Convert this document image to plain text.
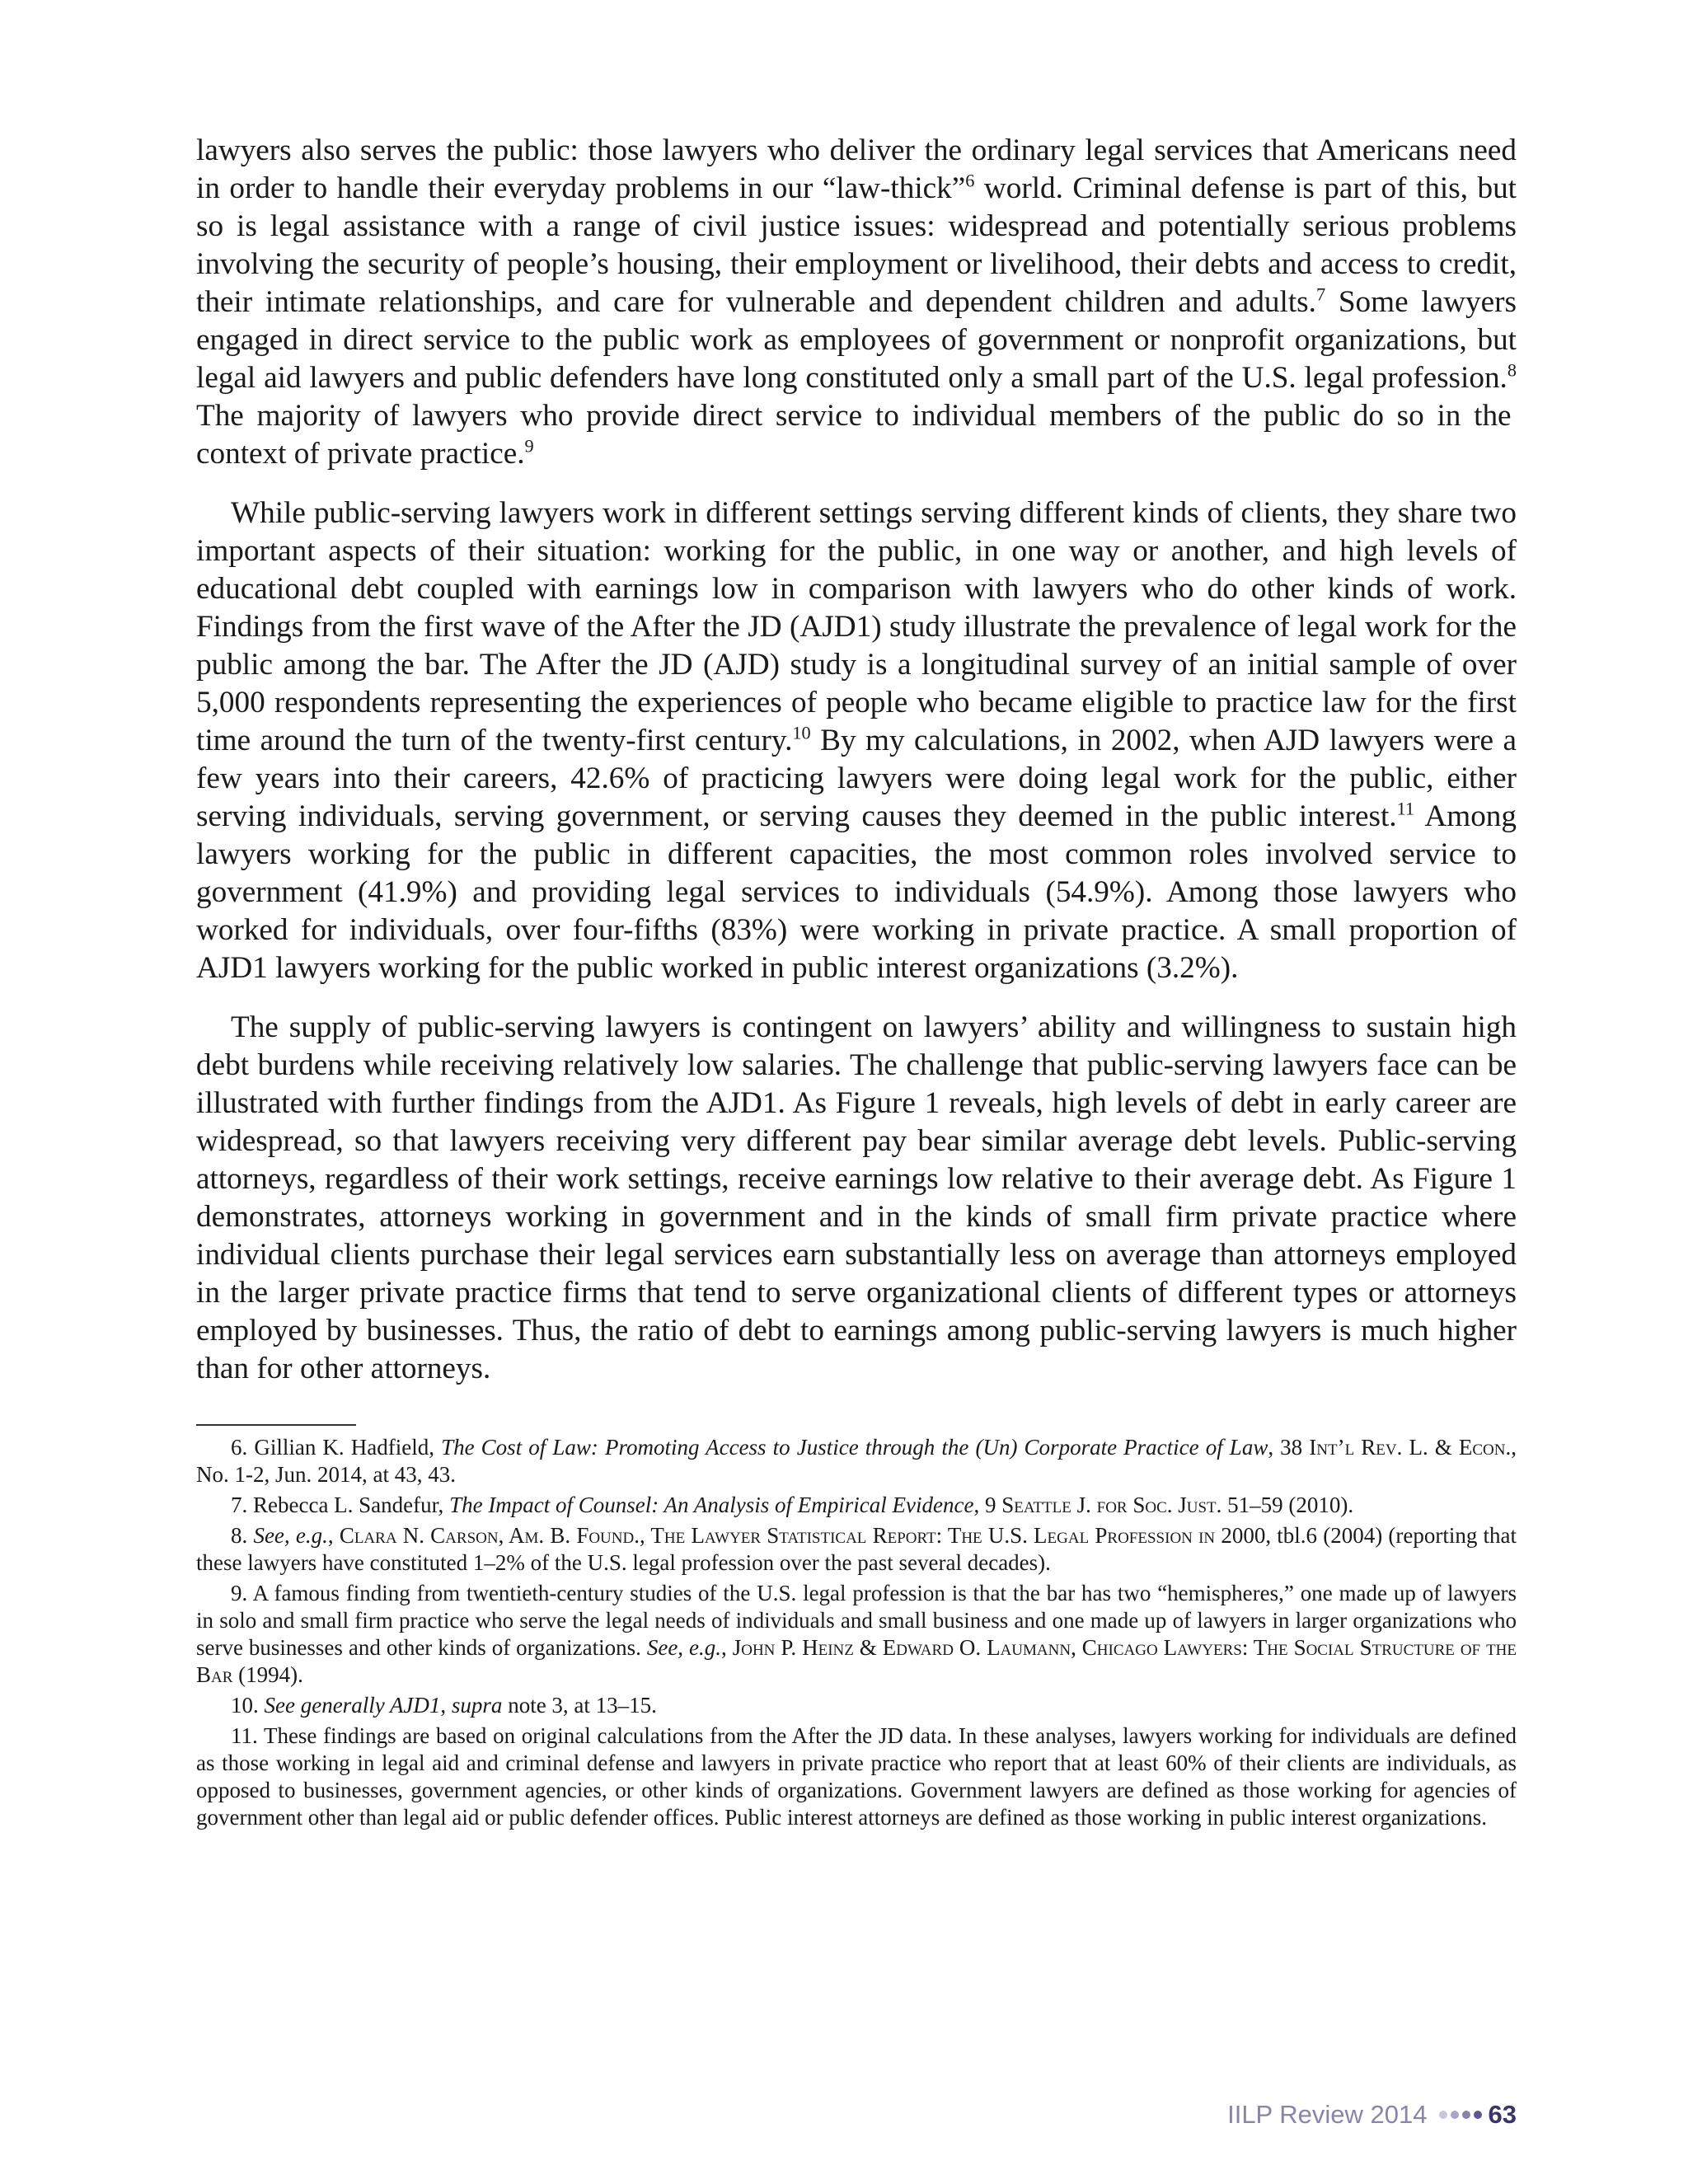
lawyers also serves the public: those lawyers who deliver the ordinary legal services that Americans need in order to handle their everyday problems in our “law-thick”$^6$ world. Criminal defense is part of this, but so is legal assistance with a range of civil justice issues: widespread and potentially serious problems involving the security of people’s housing, their employment or livelihood, their debts and access to credit, their intimate relationships, and care for vulnerable and dependent children and adults.$^7$ Some lawyers engaged in direct service to the public work as employees of government or nonprofit organizations, but legal aid lawyers and public defenders have long constituted only a small part of the U.S. legal profession.$^8$ The majority of lawyers who provide direct service to individual members of the public do so in the context of private practice.$^9$

While public-serving lawyers work in different settings serving different kinds of clients, they share two important aspects of their situation: working for the public, in one way or another, and high levels of educational debt coupled with earnings low in comparison with lawyers who do other kinds of work. Findings from the first wave of the After the JD (AJD1) study illustrate the prevalence of legal work for the public among the bar. The After the JD (AJD) study is a longitudinal survey of an initial sample of over 5,000 respondents representing the experiences of people who became eligible to practice law for the first time around the turn of the twenty-first century.$^{10}$ By my calculations, in 2002, when AJD lawyers were a few years into their careers, 42.6% of practicing lawyers were doing legal work for the public, either serving individuals, serving government, or serving causes they deemed in the public interest.$^{11}$ Among lawyers working for the public in different capacities, the most common roles involved service to government (41.9%) and providing legal services to individuals (54.9%). Among those lawyers who worked for individuals, over four-fifths (83%) were working in private practice. A small proportion of AJD1 lawyers working for the public worked in public interest organizations (3.2%).

The supply of public-serving lawyers is contingent on lawyers’ ability and willingness to sustain high debt burdens while receiving relatively low salaries. The challenge that public-serving lawyers face can be illustrated with further findings from the AJD1. As Figure 1 reveals, high levels of debt in early career are widespread, so that lawyers receiving very different pay bear similar average debt levels. Public-serving attorneys, regardless of their work settings, receive earnings low relative to their average debt. As Figure 1 demonstrates, attorneys working in government and in the kinds of small firm private practice where individual clients purchase their legal services earn substantially less on average than attorneys employed in the larger private practice firms that tend to serve organizational clients of different types or attorneys employed by businesses. Thus, the ratio of debt to earnings among public-serving lawyers is much higher than for other attorneys.

6. Gillian K. Hadfield, The Cost of Law: Promoting Access to Justice through the (Un) Corporate Practice of Law, 38 Int’l Rev. L. & Econ., No. 1-2, Jun. 2014, at 43, 43.

7. Rebecca L. Sandefur, The Impact of Counsel: An Analysis of Empirical Evidence, 9 Seattle J. for Soc. Just. 51–59 (2010).

8. See, e.g., Clara N. Carson, Am. B. Found., The Lawyer Statistical Report: The U.S. Legal Profession in 2000, tbl.6 (2004) (reporting that these lawyers have constituted 1–2% of the U.S. legal profession over the past several decades).

9. A famous finding from twentieth-century studies of the U.S. legal profession is that the bar has two “hemispheres,” one made up of lawyers in solo and small firm practice who serve the legal needs of individuals and small business and one made up of lawyers in larger organizations who serve businesses and other kinds of organizations. See, e.g., John P. Heinz & Edward O. Laumann, Chicago Lawyers: The Social Structure of the Bar (1994).

10. See generally AJD1, supra note 3, at 13–15.

11. These findings are based on original calculations from the After the JD data. In these analyses, lawyers working for individuals are defined as those working in legal aid and criminal defense and lawyers in private practice who report that at least 60% of their clients are individuals, as opposed to businesses, government agencies, or other kinds of organizations. Government lawyers are defined as those working for agencies of government other than legal aid or public defender offices. Public interest attorneys are defined as those working in public interest organizations.

IILP Review 2014 63
